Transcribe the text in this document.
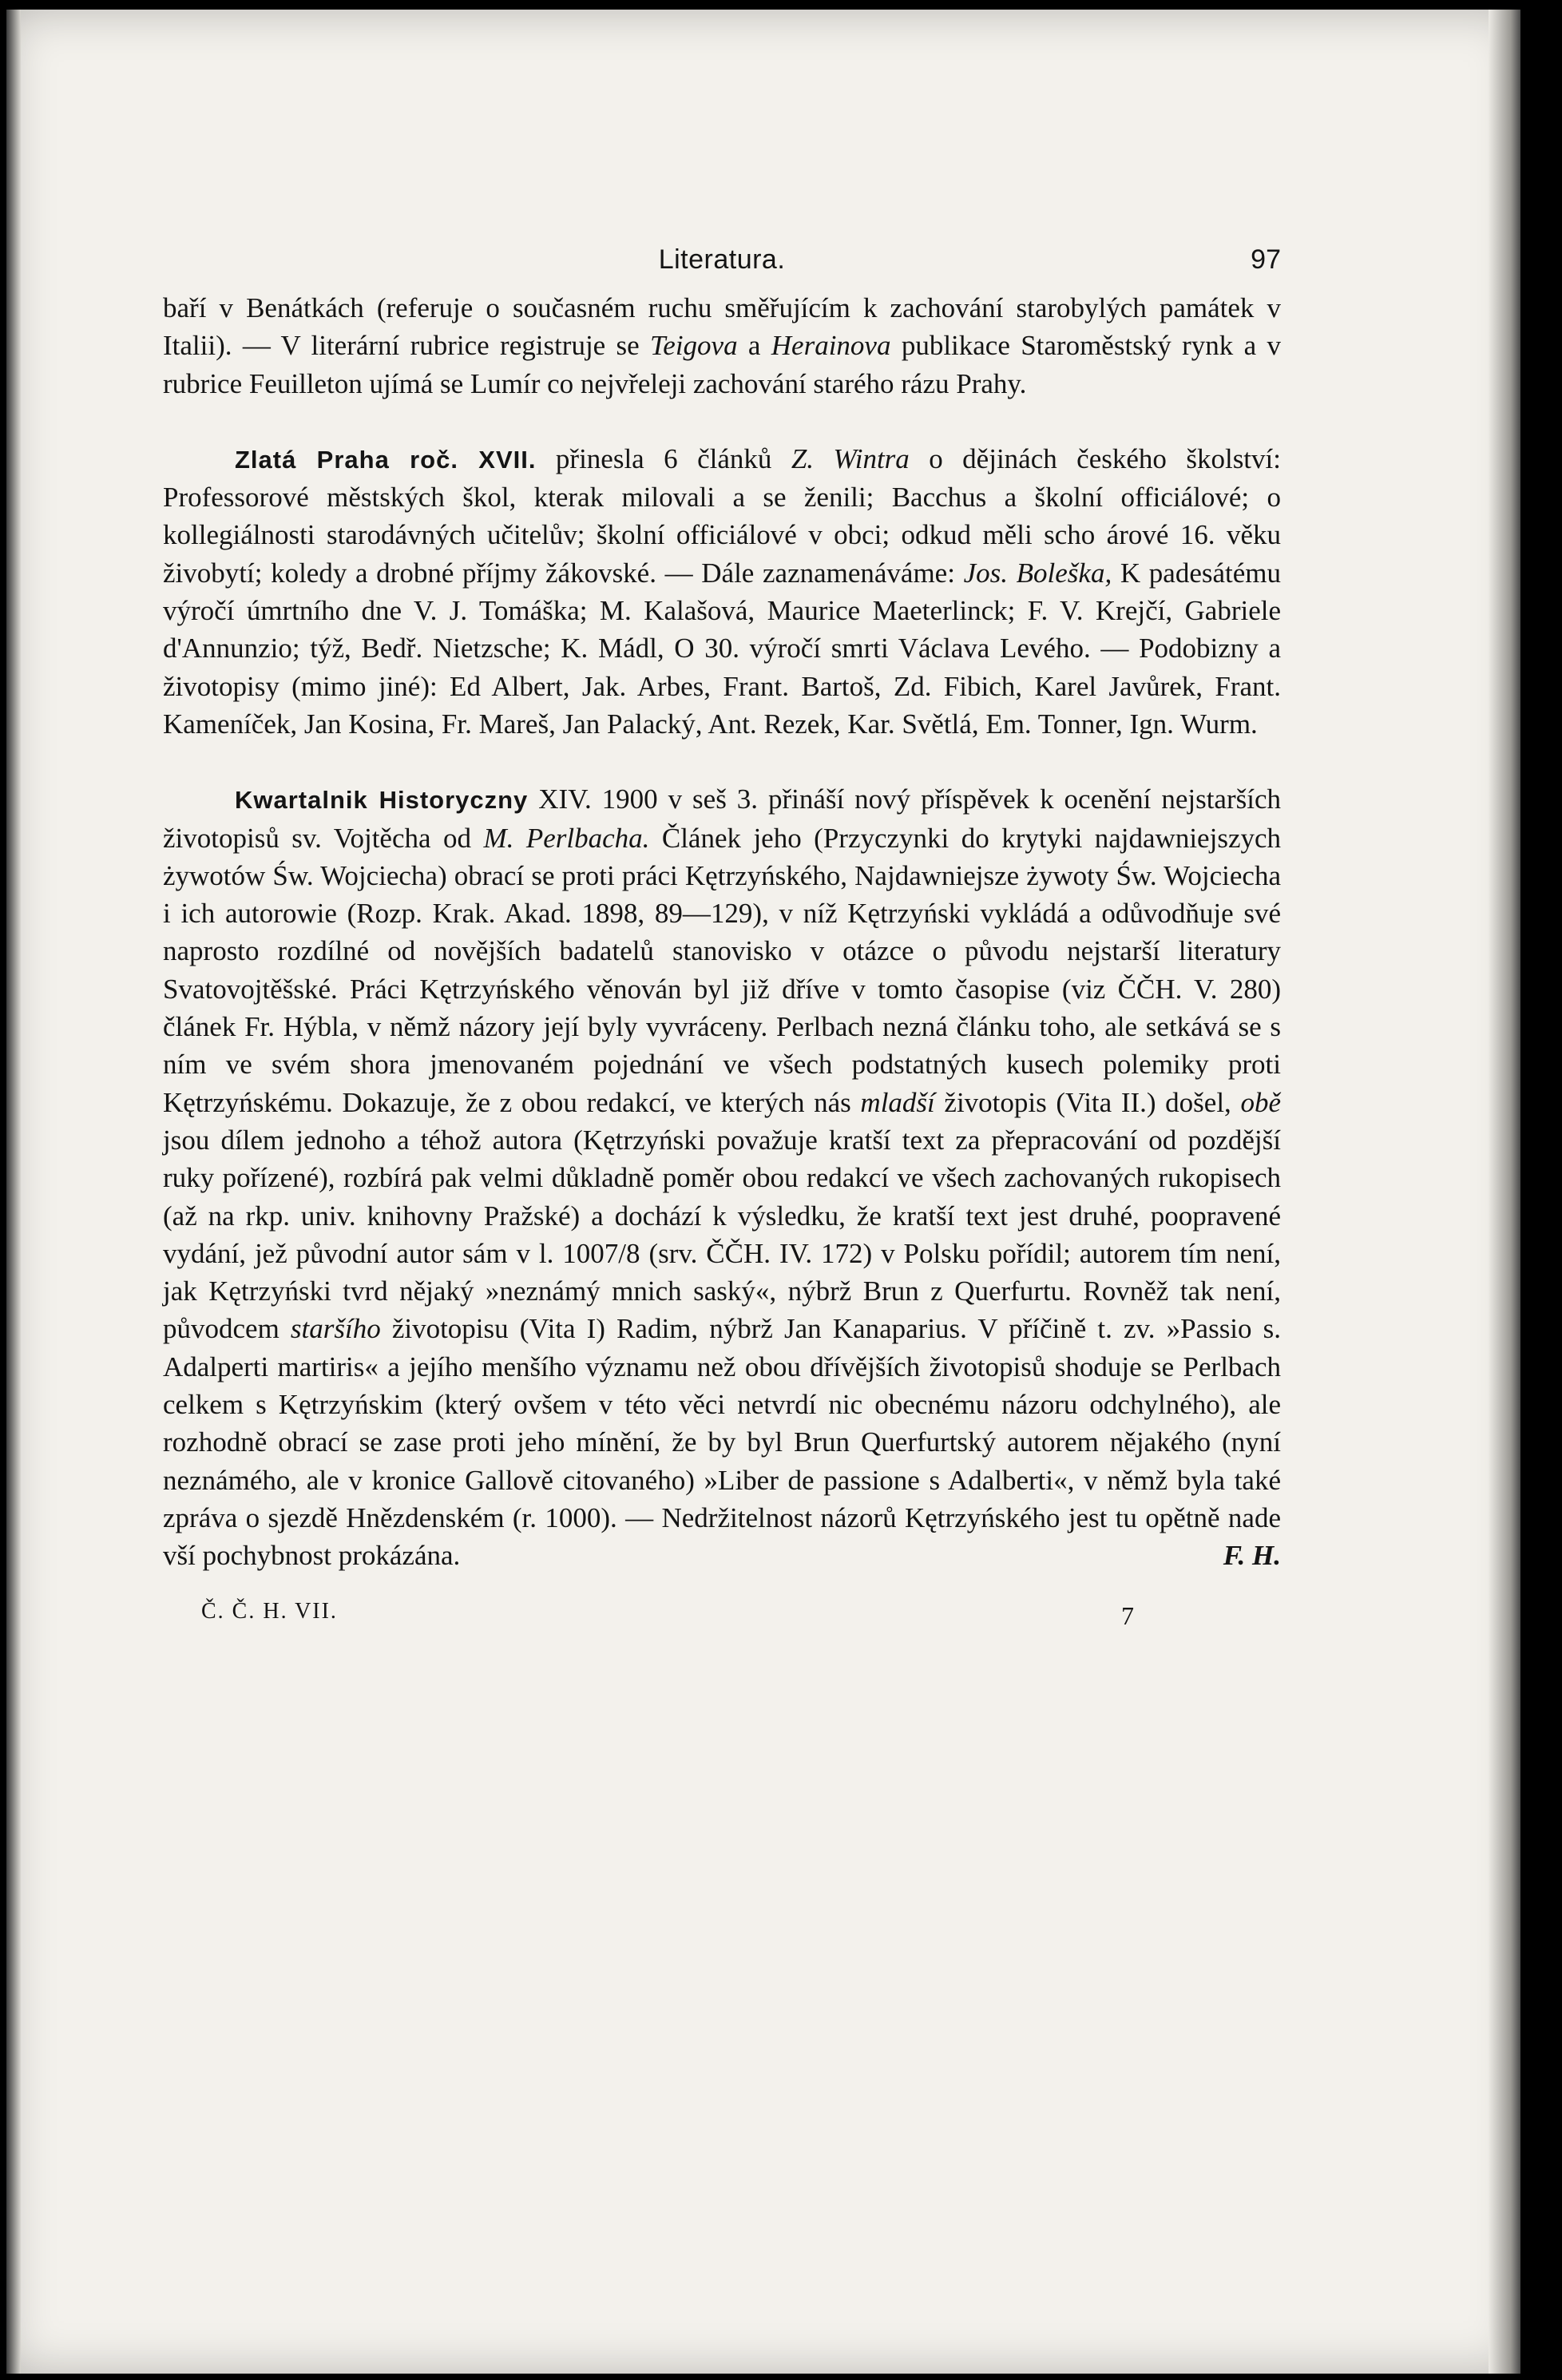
Literatura.	97

baří v Benátkách (referuje o současném ruchu směřujícím k zachování starobylých památek v Italii). — V literární rubrice registruje se Teigova a Herainova publikace Staroměstský rynk a v rubrice Feuilleton ujímá se Lumír co nejvřeleji zachování starého rázu Prahy.

Zlatá Praha roč. XVII. přinesla 6 článků Z. Wintra o dějinách českého školství: Professorové městských škol, kterak milovali a se ženili; Bacchus a školní officiálové; o kollegiálnosti starodávných učitelův; školní officiálové v obci; odkud měli scho árové 16. věku živobytí; koledy a drobné příjmy žákovské. — Dále zaznamenáváme: Jos. Boleška, K padesátému výročí úmrtního dne V. J. Tomáška; M. Kalašová, Maurice Maeterlinck; F. V. Krejčí, Gabriele d'Annunzio; týž, Bedř. Nietzsche; K. Mádl, O 30. výročí smrti Václava Levého. — Podobizny a životopisy (mimo jiné): Ed Albert, Jak. Arbes, Frant. Bartoš, Zd. Fibich, Karel Javůrek, Frant. Kameníček, Jan Kosina, Fr. Mareš, Jan Palacký, Ant. Rezek, Kar. Světlá, Em. Tonner, Ign. Wurm.

Kwartalnik Historyczny XIV. 1900 v seš 3. přináší nový příspěvek k ocenění nejstarších životopisů sv. Vojtěcha od M. Perlbacha. Článek jeho (Przyczynki do krytyki najdawniejszych żywotów Św. Wojciecha) obrací se proti práci Kętrzyńského, Najdawniejsze żywoty Św. Wojciecha i ich autorowie (Rozp. Krak. Akad. 1898, 89—129), v níž Kętrzyński vykládá a odůvodňuje své naprosto rozdílné od novějších badatelů stanovisko v otázce o původu nejstarší literatury Svatovojtěšské. Práci Kętrzyńského věnován byl již dříve v tomto časopise (viz ČČH. V. 280) článek Fr. Hýbla, v němž názory její byly vyvráceny. Perlbach nezná článku toho, ale setkává se s ním ve svém shora jmenovaném pojednání ve všech podstatných kusech polemiky proti Kętrzyńskému. Dokazuje, že z obou redakcí, ve kterých nás mladší životopis (Vita II.) došel, obě jsou dílem jednoho a téhož autora (Kętrzyński považuje kratší text za přepracování od pozdější ruky pořízené), rozbírá pak velmi důkladně poměr obou redakcí ve všech zachovaných rukopisech (až na rkp. univ. knihovny Pražské) a dochází k výsledku, že kratší text jest druhé, poopravené vydání, jež původní autor sám v l. 1007/8 (srv. ČČH. IV. 172) v Polsku pořídil; autorem tím není, jak Kętrzyński tvrd nějaký »neznámý mnich saský«, nýbrž Brun z Querfurtu. Rovněž tak není, původcem staršího životopisu (Vita I) Radim, nýbrž Jan Kanaparius. V příčině t. zv. »Passio s. Adalperti martiris« a jejího menšího významu než obou dřívějších životopisů shoduje se Perlbach celkem s Kętrzyńskim (který ovšem v této věci netvrdí nic obecnému názoru odchylného), ale rozhodně obrací se zase proti jeho mínění, že by byl Brun Querfurtský autorem nějakého (nyní neznámého, ale v kronice Gallově citovaného) »Liber de passione s Adalberti«, v němž byla také zpráva o sjezdě Hnězdenském (r. 1000). — Nedržitelnost názorů Kętrzyńského jest tu opětně nade vší pochybnost prokázána.	F. H.

Č. Č. H. VII.	7
